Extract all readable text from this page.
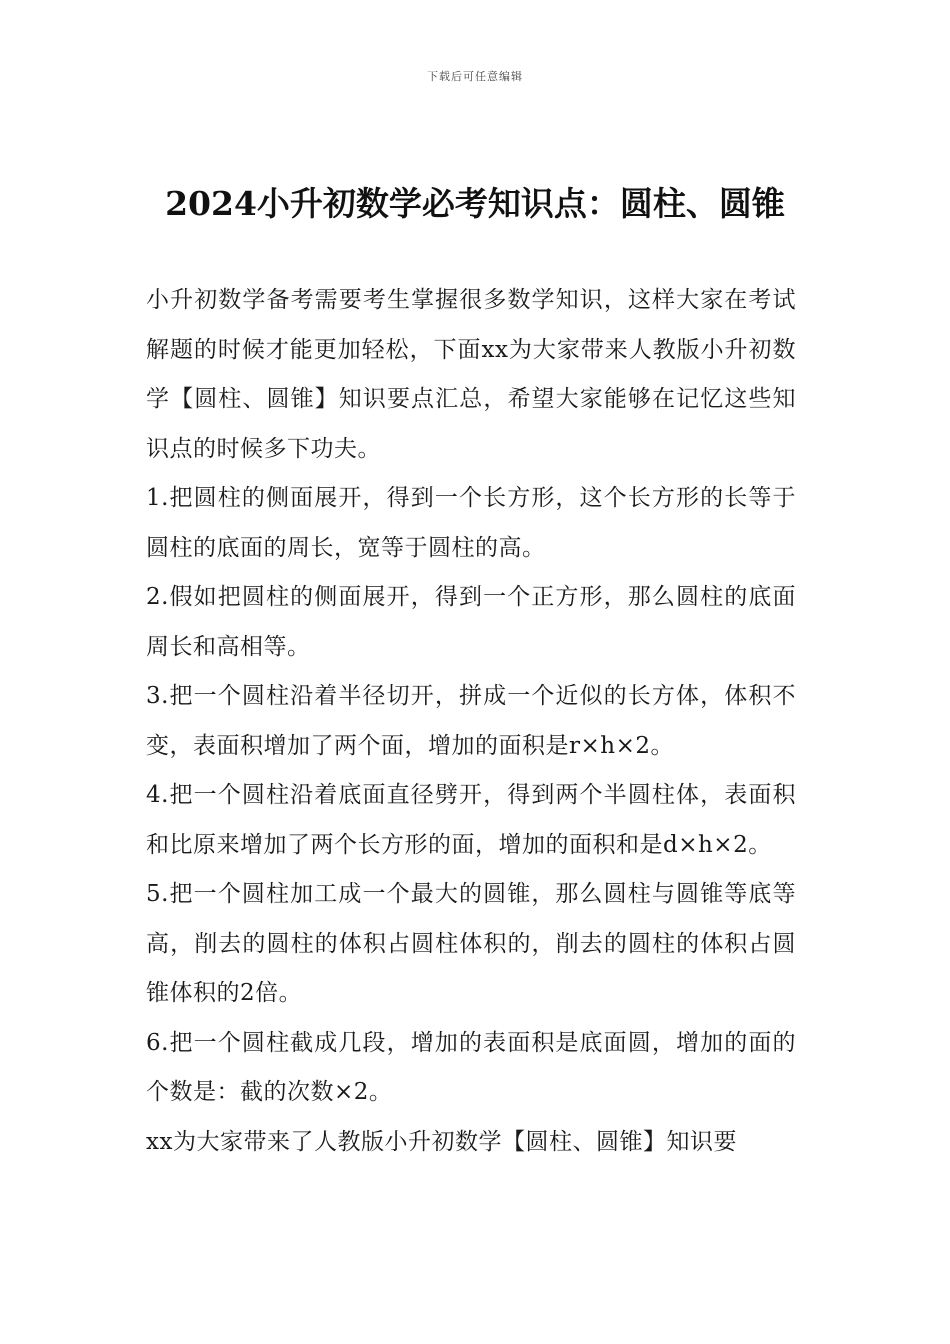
下载后可任意编辑
2024小升初数学必考知识点：圆柱、圆锥

小升初数学备考需要考生掌握很多数学知识，这样大家在考试解题的时候才能更加轻松，下面xx为大家带来人教版小升初数学【圆柱、圆锥】知识要点汇总，希望大家能够在记忆这些知识点的时候多下功夫。

1.把圆柱的侧面展开，得到一个长方形，这个长方形的长等于圆柱的底面的周长，宽等于圆柱的高。

2.假如把圆柱的侧面展开，得到一个正方形，那么圆柱的底面周长和高相等。

3.把一个圆柱沿着半径切开，拼成一个近似的长方体，体积不变，表面积增加了两个面，增加的面积是r×h×2。

4.把一个圆柱沿着底面直径劈开，得到两个半圆柱体，表面积和比原来增加了两个长方形的面，增加的面积和是d×h×2。

5.把一个圆柱加工成一个最大的圆锥，那么圆柱与圆锥等底等高，削去的圆柱的体积占圆柱体积的，削去的圆柱的体积占圆锥体积的2倍。

6.把一个圆柱截成几段，增加的表面积是底面圆，增加的面的个数是：截的次数×2。

xx为大家带来了人教版小升初数学【圆柱、圆锥】知识要
